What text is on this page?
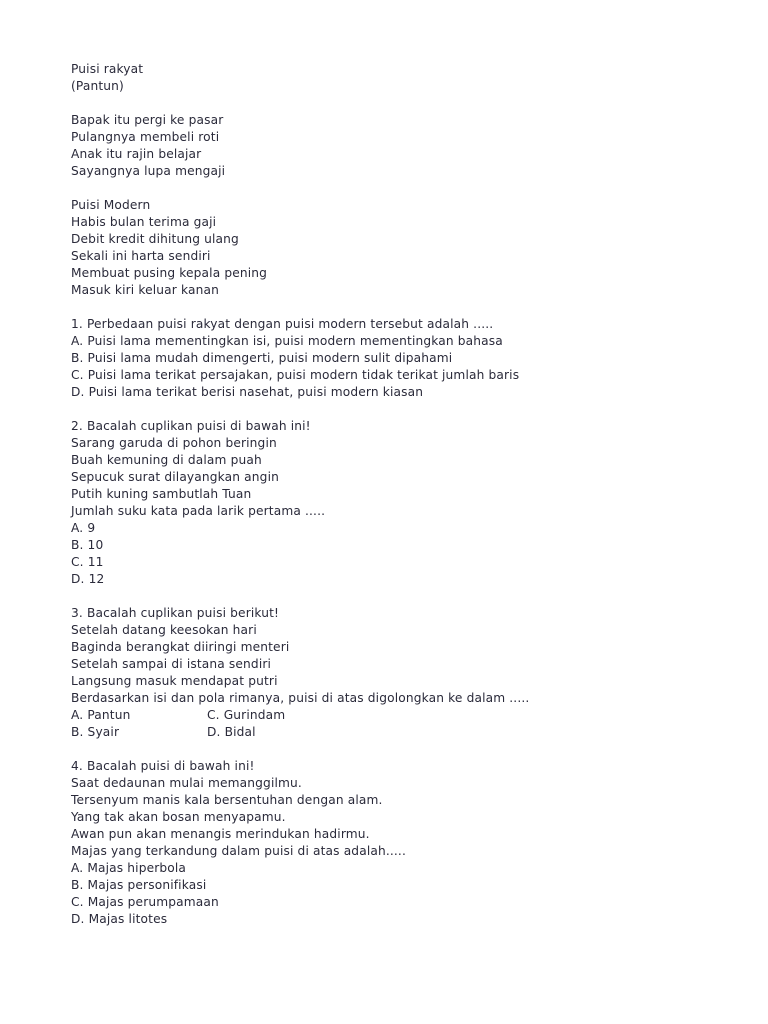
Puisi rakyat
(Pantun)
Bapak itu pergi ke pasar
Pulangnya membeli roti
Anak itu rajin belajar
Sayangnya lupa mengaji
Puisi Modern
Habis bulan terima gaji
Debit kredit dihitung ulang
Sekali ini harta sendiri
Membuat pusing kepala pening
Masuk kiri keluar kanan
1. Perbedaan puisi rakyat dengan puisi modern tersebut adalah .....
A. Puisi lama mementingkan isi, puisi modern mementingkan bahasa
B. Puisi lama mudah dimengerti, puisi modern sulit dipahami
C. Puisi lama terikat persajakan, puisi modern tidak terikat jumlah baris
D. Puisi lama terikat berisi nasehat, puisi modern kiasan
2. Bacalah cuplikan puisi di bawah ini!
Sarang garuda di pohon beringin
Buah kemuning di dalam puah
Sepucuk surat dilayangkan angin
Putih kuning sambutlah Tuan
Jumlah suku kata pada larik pertama .....
A. 9
B. 10
C. 11
D. 12
3. Bacalah cuplikan puisi berikut!
Setelah datang keesokan hari
Baginda berangkat diiringi menteri
Setelah sampai di istana sendiri
Langsung masuk mendapat putri
Berdasarkan isi dan pola rimanya, puisi di atas digolongkan ke dalam .....
A. Pantun	C. Gurindam
B. Syair	D. Bidal
4. Bacalah puisi di bawah ini!
Saat dedaunan mulai memanggilmu.
Tersenyum manis kala bersentuhan dengan alam.
Yang tak akan bosan menyapamu.
Awan pun akan menangis merindukan hadirmu.
Majas yang terkandung dalam puisi di atas adalah.....
A. Majas hiperbola
B. Majas personifikasi
C. Majas perumpamaan
D. Majas litotes
